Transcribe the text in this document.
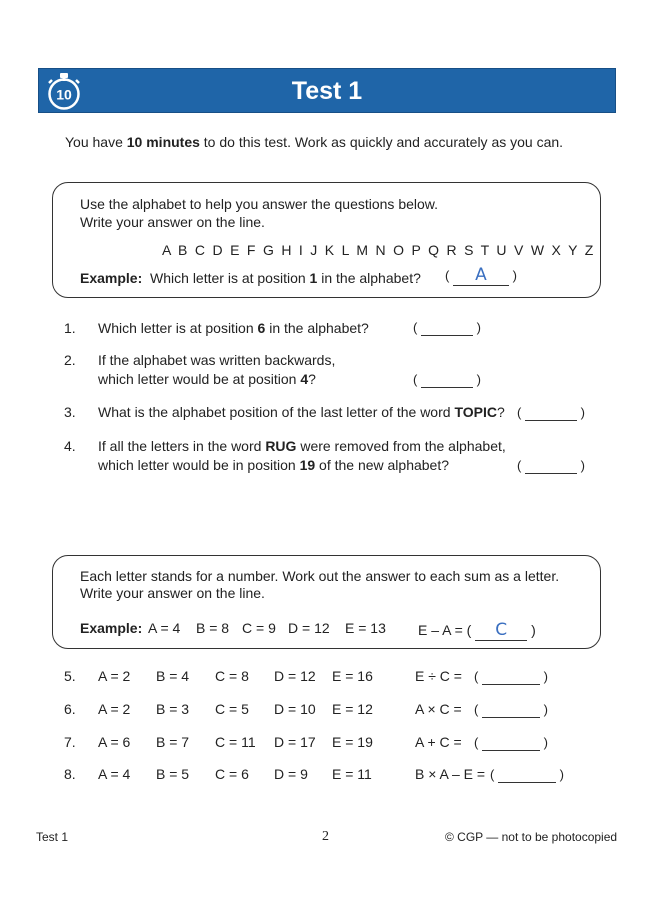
Test 1
10
You have 10 minutes to do this test. Work as quickly and accurately as you can.
Use the alphabet to help you answer the questions below.
Write your answer on the line.
A B C D E F G H I J K L M N O P Q R S T U V W X Y Z
Example: Which letter is at position 1 in the alphabet? ( A )
1. Which letter is at position 6 in the alphabet?	(	)
2. If the alphabet was written backwards,
which letter would be at position 4?	(	)
3. What is the alphabet position of the last letter of the word TOPIC? (	)
4. If all the letters in the word RUG were removed from the alphabet,
which letter would be in position 19 of the new alphabet?	(	)
Each letter stands for a number. Work out the answer to each sum as a letter.
Write your answer on the line.
Example: A = 4 B = 8 C = 9 D = 12 E = 13 E – A = ( C )
5. A = 2 B = 4 C = 8 D = 12 E = 16	E ÷ C = (	)
6. A = 2 B = 3 C = 5 D = 10 E = 12	A × C = (	)
7. A = 6 B = 7 C = 11 D = 17 E = 19	A + C = (	)
8. A = 4 B = 5 C = 6 D = 9 E = 11	B × A – E = (	)
Test 1	2	© CGP — not to be photocopied
